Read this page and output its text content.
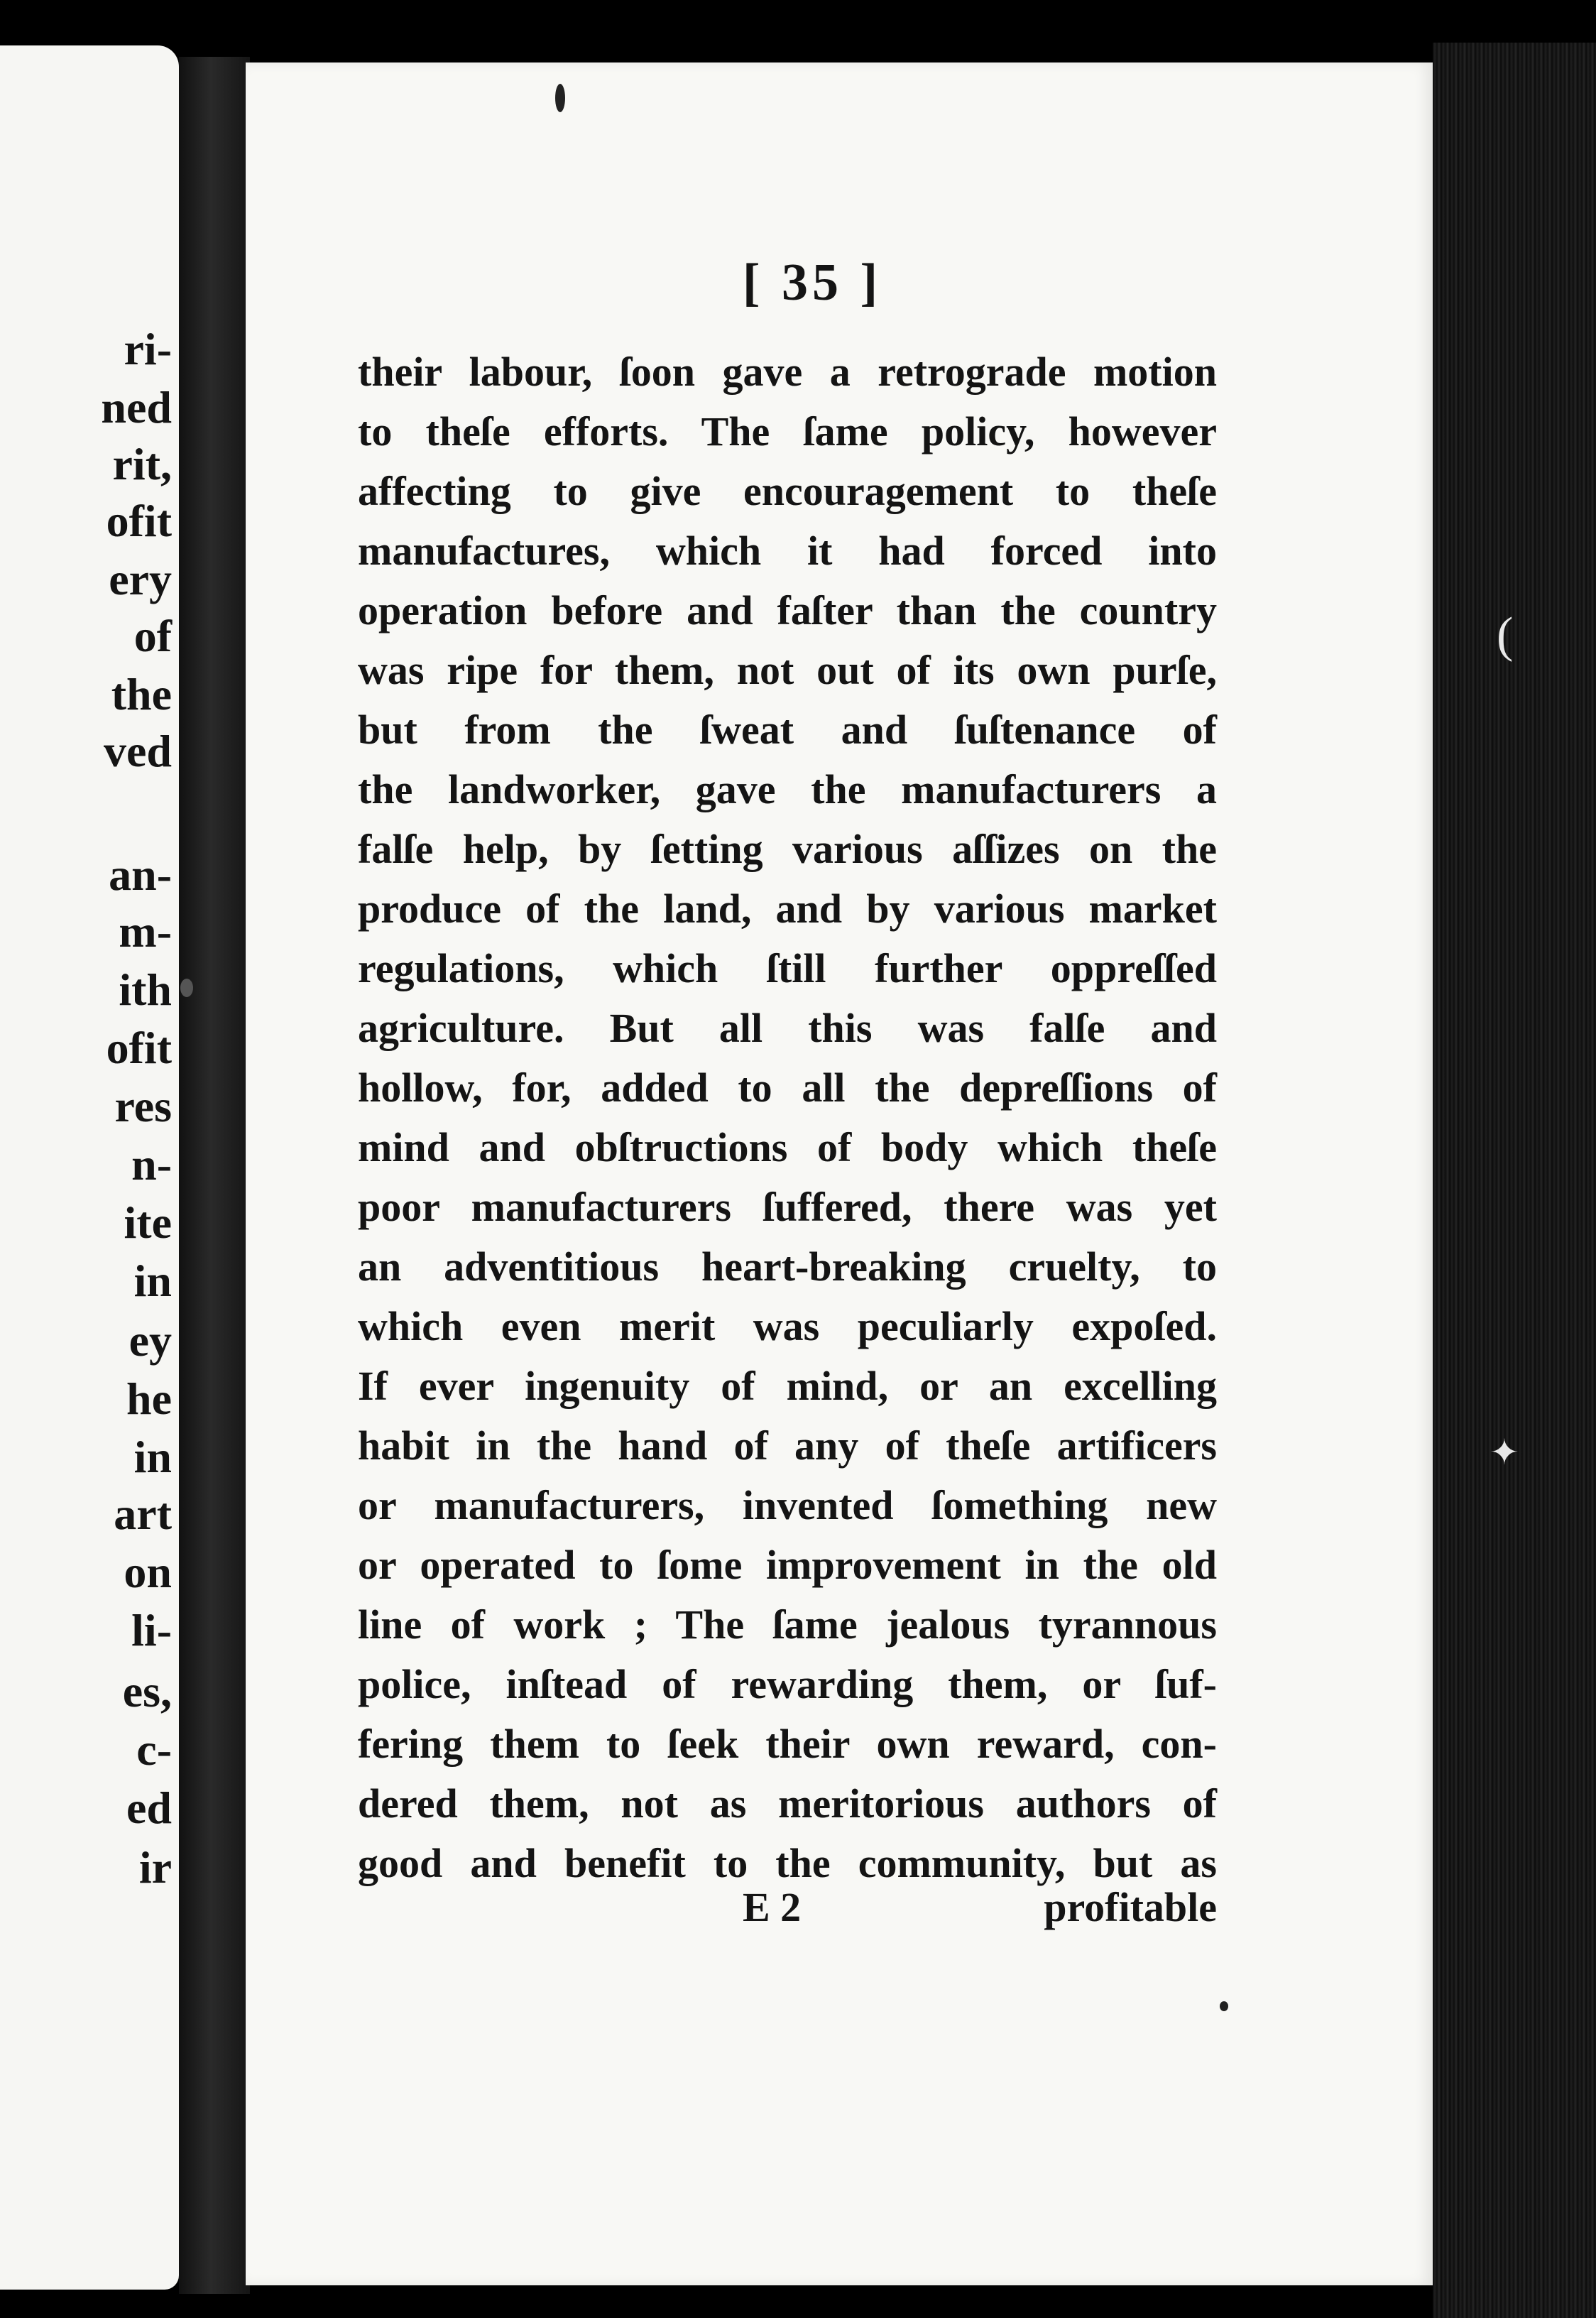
ri-
ned
rit,
ofit
ery
of
the
ved
an-
m-
ith
ofit
res
n-
ite
in
ey
he
in
art
on
li-
es,
c-
ed
ir
(
✦
[ 35 ]
their labour, ſoon gave a retrograde motion
to theſe efforts. The ſame policy, however
affecting to give encouragement to theſe
manufactures, which it had forced into
operation before and faſter than the country
was ripe for them, not out of its own purſe,
but from the ſweat and ſuſtenance of
the landworker, gave the manufacturers a
falſe help, by ſetting various aſſizes on the
produce of the land, and by various market
regulations, which ſtill further oppreſſed
agriculture. But all this was falſe and
hollow, for, added to all the depreſſions of
mind and obſtructions of body which theſe
poor manufacturers ſuffered, there was yet
an adventitious heart-breaking cruelty, to
which even merit was peculiarly expoſed.
If ever ingenuity of mind, or an excelling
habit in the hand of any of theſe artificers
or manufacturers, invented ſomething new
or operated to ſome improvement in the old
line of work ; The ſame jealous tyrannous
police, inſtead of rewarding them, or ſuf-
fering them to ſeek their own reward, con-
dered them, not as meritorious authors of
good and benefit to the community, but as
E 2	profitable
